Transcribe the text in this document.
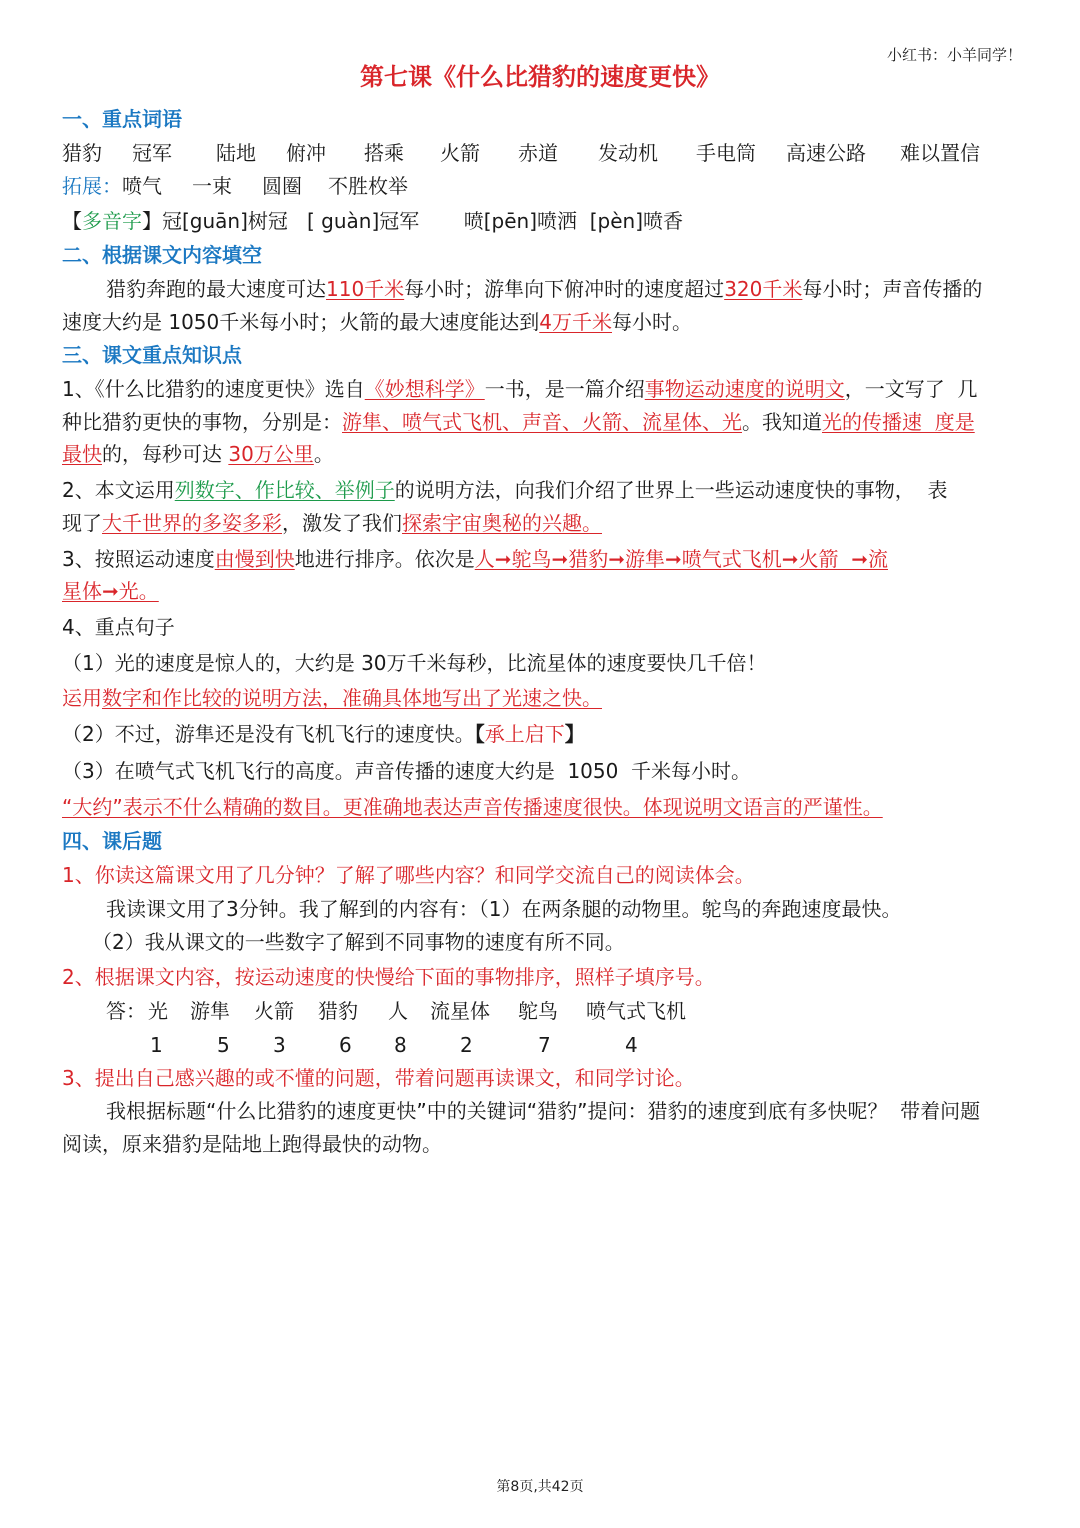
小红书：小羊同学！
第七课《什么比猎豹的速度更快》
一、重点词语
猎豹 冠军 陆地 俯冲 搭乘 火箭 赤道 发动机 手电筒 高速公路 难以置信
拓展：喷气 一束 圆圈 不胜枚举
【多音字】冠[guān]树冠   [ guàn]冠军       喷[pēn]喷洒  [pèn]喷香
二、根据课文内容填空
猎豹奔跑的最大速度可达110千米每小时；游隼向下俯冲时的速度超过320千米每小时；声音传播的
速度大约是 1050千米每小时；火箭的最大速度能达到4万千米每小时。
三、课文重点知识点
1、《什么比猎豹的速度更快》选自《妙想科学》一书，是一篇介绍事物运动速度的说明文，一文写了  几
种比猎豹更快的事物，分别是：游隼、喷气式飞机、声音、火箭、流星体、光。我知道光的传播速  度是
最快的，每秒可达 30万公里。
2、本文运用列数字、作比较、举例子的说明方法，向我们介绍了世界上一些运动速度快的事物，  表
现了大千世界的多姿多彩，激发了我们探索宇宙奥秘的兴趣。
3、按照运动速度由慢到快地进行排序。依次是人➞鸵鸟➞猎豹➞游隼➞喷气式飞机➞火箭  ➞流
星体➞光。
4、重点句子
（1）光的速度是惊人的，大约是 30万千米每秒，比流星体的速度要快几千倍！
运用数字和作比较的说明方法，准确具体地写出了光速之快。
（2）不过，游隼还是没有飞机飞行的速度快。【承上启下】
（3）在喷气式飞机飞行的高度。声音传播的速度大约是  1050  千米每小时。
“大约”表示不什么精确的数目。更准确地表达声音传播速度很快。体现说明文语言的严谨性。
四、课后题
1、你读这篇课文用了几分钟？了解了哪些内容？和同学交流自己的阅读体会。
我读课文用了3分钟。我了解到的内容有：（1）在两条腿的动物里。鸵鸟的奔跑速度最快。
（2）我从课文的一些数字了解到不同事物的速度有所不同。
2、根据课文内容，按运动速度的快慢给下面的事物排序，照样子填序号。
答： 光 游隼 火箭 猎豹 人 流星体 鸵鸟 喷气式飞机
1	5 3	6 8	2	7	4
3、提出自己感兴趣的或不懂的问题，带着问题再读课文，和同学讨论。
我根据标题“什么比猎豹的速度更快”中的关键词“猎豹”提问：猎豹的速度到底有多快呢？  带着问题
阅读，原来猎豹是陆地上跑得最快的动物。
第8页,共42页
